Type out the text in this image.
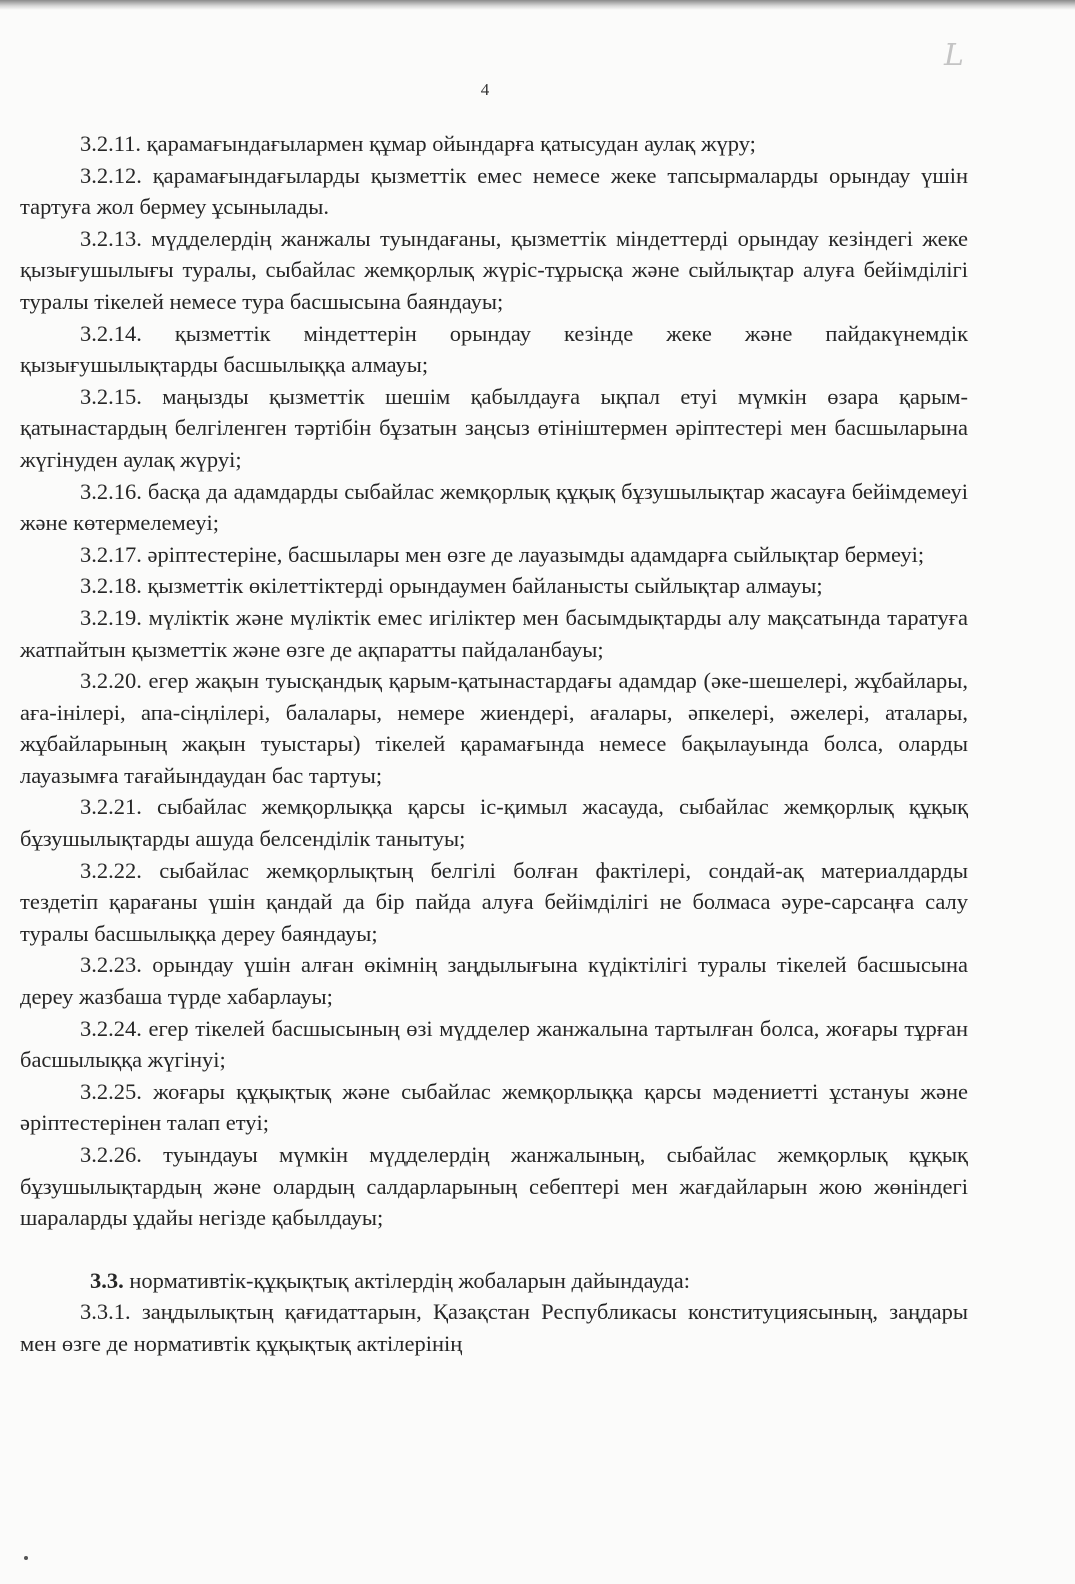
L
4

3.2.11. қарамағындағылармен құмар ойындарға қатысудан аулақ жүру;

3.2.12. қарамағындағыларды қызметтік емес немесе жеке тапсырмаларды орындау үшін тартуға жол бермеу ұсынылады.

3.2.13. мүдделердің жанжалы туындағаны, қызметтік міндеттерді орындау кезіндегі жеке қызығушылығы туралы, сыбайлас жемқорлық жүріс-тұрысқа және сыйлықтар алуға бейімділігі туралы тікелей немесе тура басшысына баяндауы;

3.2.14. қызметтік міндеттерін орындау кезінде жеке және пайдакүнемдік қызығушылықтарды басшылыққа алмауы;

3.2.15. маңызды қызметтік шешім қабылдауға ықпал етуі мүмкін өзара қарым-қатынастардың белгіленген тәртібін бұзатын заңсыз өтініштермен әріптестері мен басшыларына жүгінуден аулақ жүруі;

3.2.16. басқа да адамдарды сыбайлас жемқорлық құқық бұзушылықтар жасауға бейімдемеуі және көтермелемеуі;

3.2.17. әріптестеріне, басшылары мен өзге де лауазымды адамдарға сыйлықтар бермеуі;

3.2.18. қызметтік өкілеттіктерді орындаумен байланысты сыйлықтар алмауы;

3.2.19. мүліктік және мүліктік емес игіліктер мен басымдықтарды алу мақсатында таратуға жатпайтын қызметтік және өзге де ақпаратты пайдаланбауы;

3.2.20. егер жақын туысқандық қарым-қатынастардағы адамдар (әке-шешелері, жұбайлары, аға-інілері, апа-сіңлілері, балалары, немере жиендері, ағалары, әпкелері, әжелері, аталары, жұбайларының жақын туыстары) тікелей қарамағында немесе бақылауында болса, оларды лауазымға тағайындаудан бас тартуы;

3.2.21. сыбайлас жемқорлыққа қарсы іс-қимыл жасауда, сыбайлас жемқорлық құқық бұзушылықтарды ашуда белсенділік танытуы;

3.2.22. сыбайлас жемқорлықтың белгілі болған фактілері, сондай-ақ материалдарды тездетіп қарағаны үшін қандай да бір пайда алуға бейімділігі не болмаса әуре-сарсаңға салу туралы басшылыққа дереу баяндауы;

3.2.23. орындау үшін алған өкімнің заңдылығына күдіктілігі туралы тікелей басшысына дереу жазбаша түрде хабарлауы;

3.2.24. егер тікелей басшысының өзі мүдделер жанжалына тартылған болса, жоғары тұрған басшылыққа жүгінуі;

3.2.25. жоғары құқықтық және сыбайлас жемқорлыққа қарсы мәдениетті ұстануы және әріптестерінен талап етуі;

3.2.26. туындауы мүмкін мүдделердің жанжалының, сыбайлас жемқорлық құқық бұзушылықтардың және олардың салдарларының себептері мен жағдайларын жою жөніндегі шараларды ұдайы негізде қабылдауы;

3.3. нормативтік-құқықтық актілердің жобаларын дайындауда:

3.3.1. заңдылықтың қағидаттарын, Қазақстан Республикасы конституциясының, заңдары мен өзге де нормативтік құқықтық актілерінің
